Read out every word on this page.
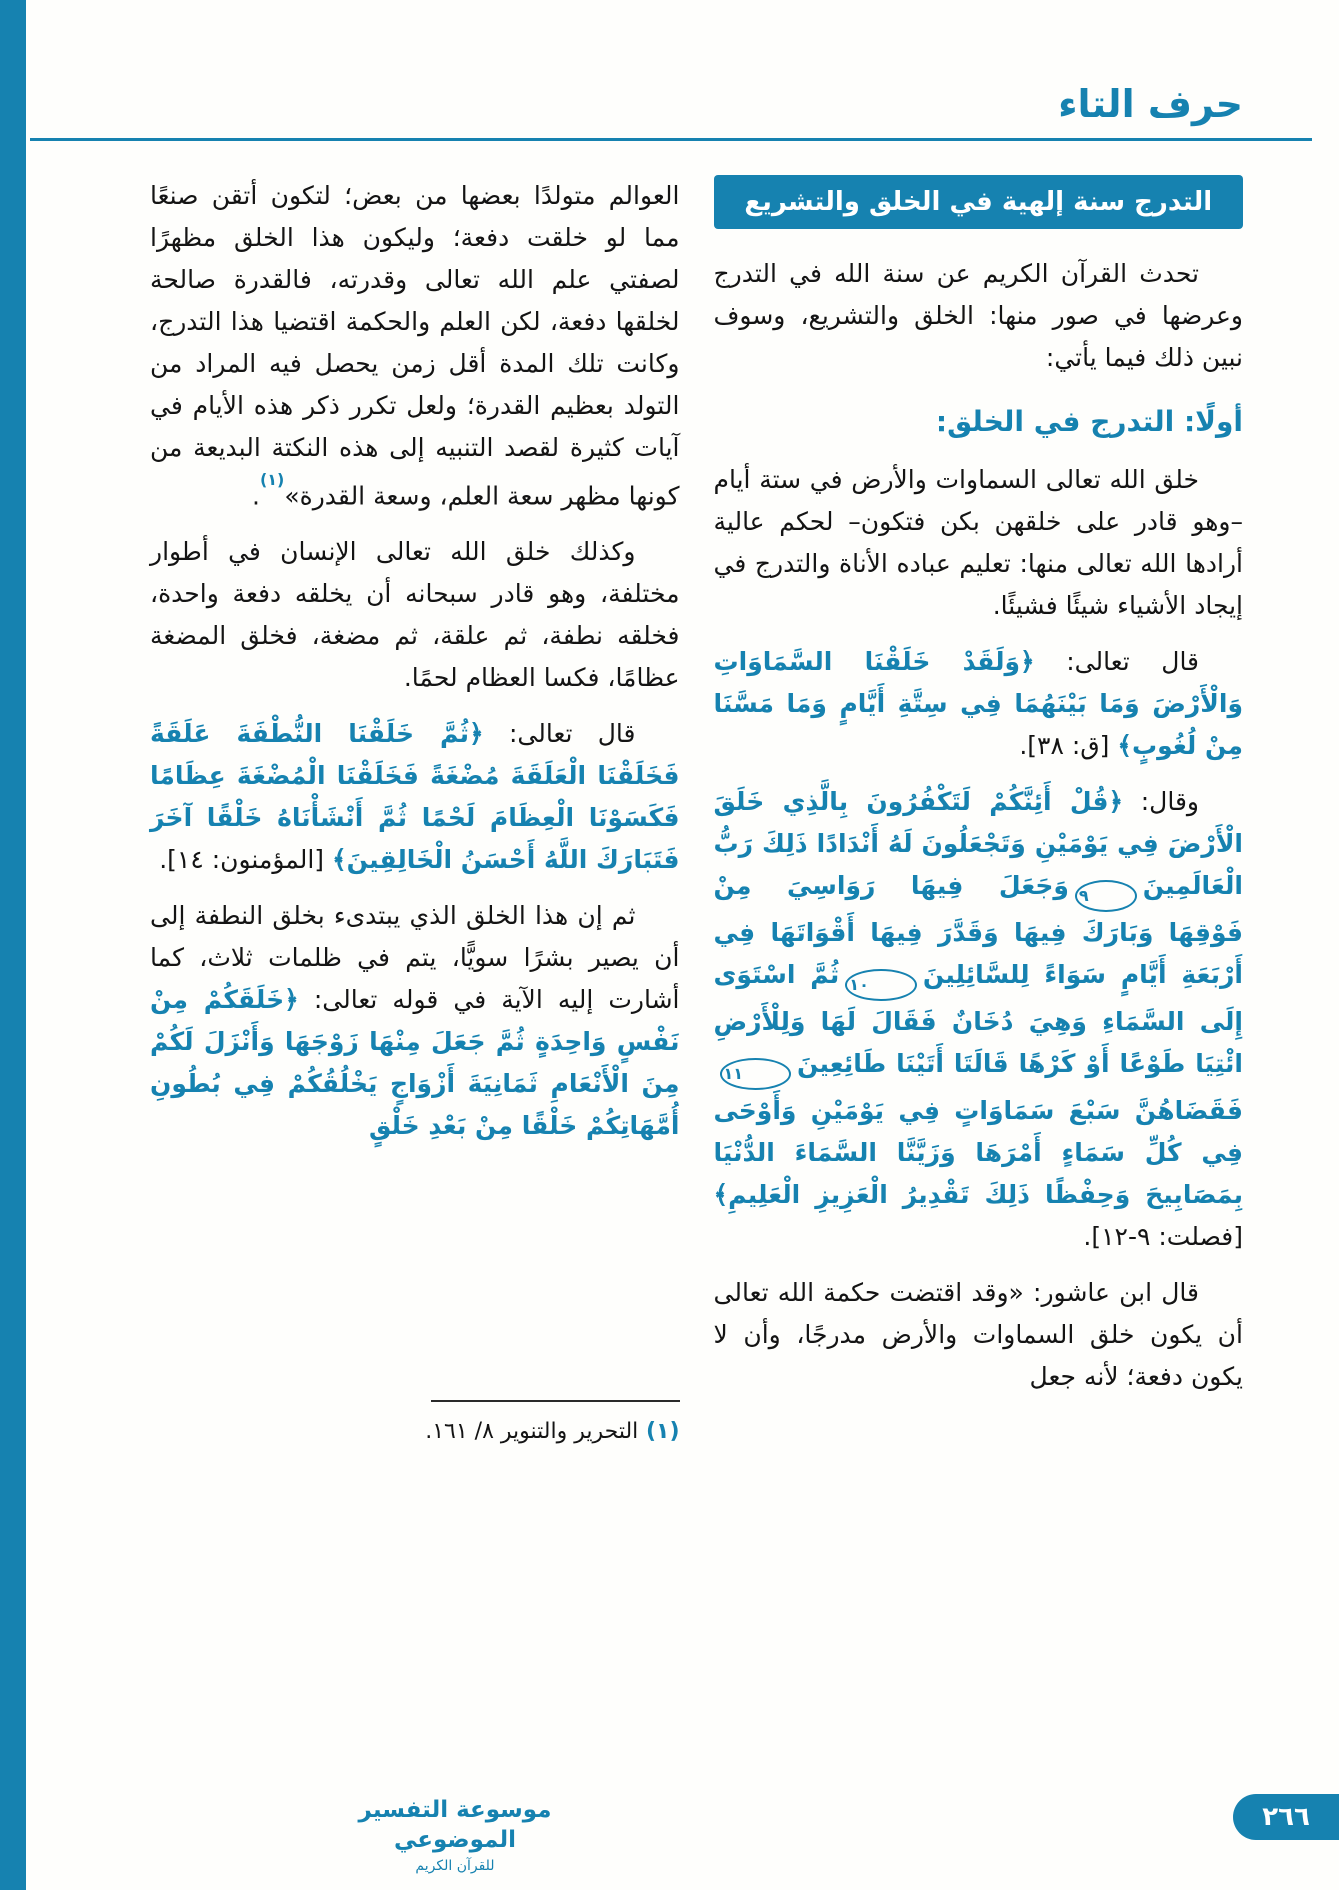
حرف التاء
التدرج سنة إلهية في الخلق والتشريع

تحدث القرآن الكريم عن سنة الله في التدرج وعرضها في صور منها: الخلق والتشريع، وسوف نبين ذلك فيما يأتي:

أولًا: التدرج في الخلق:

خلق الله تعالى السماوات والأرض في ستة أيام –وهو قادر على خلقهن بكن فتكون– لحكم عالية أرادها الله تعالى منها: تعليم عباده الأناة والتدرج في إيجاد الأشياء شيئًا فشيئًا.

قال تعالى: ﴿وَلَقَدْ خَلَقْنَا السَّمَاوَاتِ وَالْأَرْضَ وَمَا بَيْنَهُمَا فِي سِتَّةِ أَيَّامٍ وَمَا مَسَّنَا مِنْ لُغُوبٍ﴾ [ق: ٣٨].

وقال: ﴿قُلْ أَئِنَّكُمْ لَتَكْفُرُونَ بِالَّذِي خَلَقَ الْأَرْضَ فِي يَوْمَيْنِ وَتَجْعَلُونَ لَهُ أَنْدَادًا ذَلِكَ رَبُّ الْعَالَمِينَ٩وَجَعَلَ فِيهَا رَوَاسِيَ مِنْ فَوْقِهَا وَبَارَكَ فِيهَا وَقَدَّرَ فِيهَا أَقْوَاتَهَا فِي أَرْبَعَةِ أَيَّامٍ سَوَاءً لِلسَّائِلِينَ١٠ثُمَّ اسْتَوَى إِلَى السَّمَاءِ وَهِيَ دُخَانٌ فَقَالَ لَهَا وَلِلْأَرْضِ ائْتِيَا طَوْعًا أَوْ كَرْهًا قَالَتَا أَتَيْنَا طَائِعِينَ١١فَقَضَاهُنَّ سَبْعَ سَمَاوَاتٍ فِي يَوْمَيْنِ وَأَوْحَى فِي كُلِّ سَمَاءٍ أَمْرَهَا وَزَيَّنَّا السَّمَاءَ الدُّنْيَا بِمَصَابِيحَ وَحِفْظًا ذَلِكَ تَقْدِيرُ الْعَزِيزِ الْعَلِيمِ﴾ [فصلت: ٩-١٢].

قال ابن عاشور: «وقد اقتضت حكمة الله تعالى أن يكون خلق السماوات والأرض مدرجًا، وأن لا يكون دفعة؛ لأنه جعل

العوالم متولدًا بعضها من بعض؛ لتكون أتقن صنعًا مما لو خلقت دفعة؛ وليكون هذا الخلق مظهرًا لصفتي علم الله تعالى وقدرته، فالقدرة صالحة لخلقها دفعة، لكن العلم والحكمة اقتضيا هذا التدرج، وكانت تلك المدة أقل زمن يحصل فيه المراد من التولد بعظيم القدرة؛ ولعل تكرر ذكر هذه الأيام في آيات كثيرة لقصد التنبيه إلى هذه النكتة البديعة من كونها مظهر سعة العلم، وسعة القدرة»$^{(١)}$.

وكذلك خلق الله تعالى الإنسان في أطوار مختلفة، وهو قادر سبحانه أن يخلقه دفعة واحدة، فخلقه نطفة، ثم علقة، ثم مضغة، فخلق المضغة عظامًا، فكسا العظام لحمًا.

قال تعالى: ﴿ثُمَّ خَلَقْنَا النُّطْفَةَ عَلَقَةً فَخَلَقْنَا الْعَلَقَةَ مُضْغَةً فَخَلَقْنَا الْمُضْغَةَ عِظَامًا فَكَسَوْنَا الْعِظَامَ لَحْمًا ثُمَّ أَنْشَأْنَاهُ خَلْقًا آخَرَ فَتَبَارَكَ اللَّهُ أَحْسَنُ الْخَالِقِينَ﴾ [المؤمنون: ١٤].

ثم إن هذا الخلق الذي يبتدىء بخلق النطفة إلى أن يصير بشرًا سويًّا، يتم في ظلمات ثلاث، كما أشارت إليه الآية في قوله تعالى: ﴿خَلَقَكُمْ مِنْ نَفْسٍ وَاحِدَةٍ ثُمَّ جَعَلَ مِنْهَا زَوْجَهَا وَأَنْزَلَ لَكُمْ مِنَ الْأَنْعَامِ ثَمَانِيَةَ أَزْوَاجٍ يَخْلُقُكُمْ فِي بُطُونِ أُمَّهَاتِكُمْ خَلْقًا مِنْ بَعْدِ خَلْقٍ

(١) التحرير والتنوير ٨/ ١٦١.

موسوعة التفسير الموضوعي
للقرآن الكريم
٢٦٦
